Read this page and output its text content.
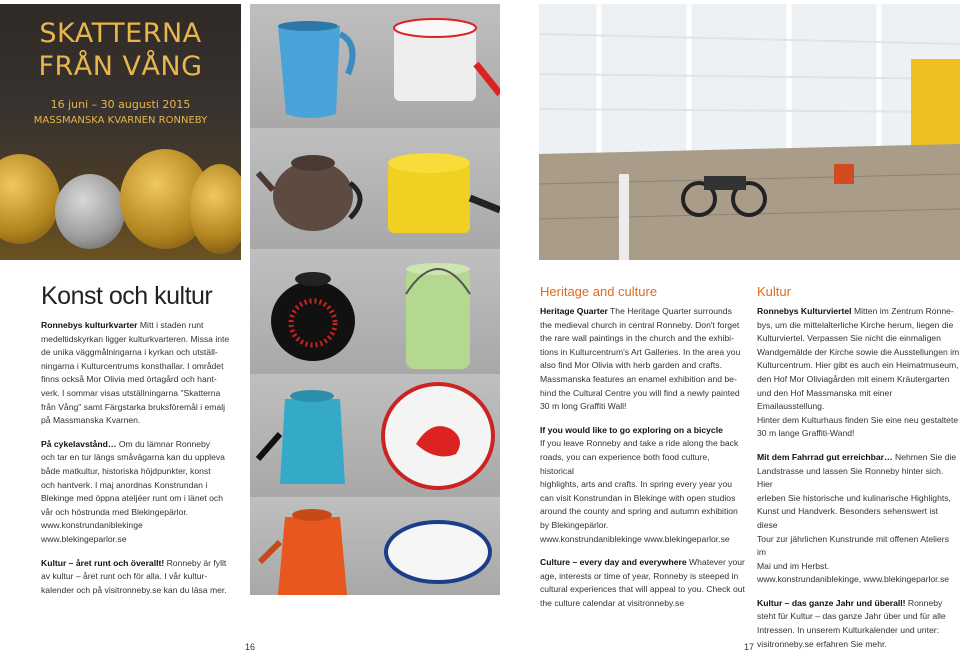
SKATTERNA
FRÅN VÅNG
16 juni – 30 augusti 2015
MASSMANSKA KVARNEN RONNEBY
Konst och kultur

Ronnebys kulturkvarter Mitt i staden runt
medeltidskyrkan ligger kulturkvarteren. Missa inte
de unika väggmålningarna i kyrkan och utställ-
ningarna i Kulturcentrums konsthallar. I området
finns också Mor Olivia med örtagård och hant-
verk. I sommar visas utställningarna "Skatterna
från Vång" samt Färgstarka bruksföremål i emalj
på Massmanska Kvarnen.

På cykelavstånd… Om du lämnar Ronneby
och tar en tur längs småvägarna kan du uppleva
både matkultur, historiska höjdpunkter, konst
och hantverk. I maj anordnas Konstrundan i
Blekinge med öppna ateljéer runt om i länet och
vår och höstrunda med Blekingepärlor.
www.konstrundaniblekinge
www.blekingeparlor.se

Kultur – året runt och överallt! Ronneby är fyllt
av kultur – året runt och för alla. I vår kultur-
kalender och på visitronneby.se kan du läsa mer.

16
Heritage and culture

Heritage Quarter The Heritage Quarter surrounds
the medieval church in central Ronneby. Don't forget
the rare wall paintings in the church and the exhibi-
tions in Kulturcentrum's Art Galleries. In the area you
also find Mor Olivia with herb garden and crafts.
Massmanska features an enamel exhibition and be-
hind the Cultural Centre you will find a newly painted
30 m long Graffiti Wall!

If you would like to go exploring on a bicycle
If you leave Ronneby and take a ride along the back
roads, you can experience both food culture, historical
highlights, arts and crafts. In spring every year you
can visit Konstrundan in Blekinge with open studios
around the county and spring and autumn exhibition
by Blekingepärlor.
www.konstrundaniblekinge www.blekingeparlor.se

Culture – every day and everywhere Whatever your
age, interests or time of year, Ronneby is steeped in
cultural experiences that will appeal to you. Check out
the culture calendar at visitronneby.se

17
Kultur

Ronnebys Kulturviertel Mitten im Zentrum Ronne-
bys, um die mittelalterliche Kirche herum, liegen die
Kulturviertel. Verpassen Sie nicht die einmaligen
Wandgemälde der Kirche sowie die Ausstellungen im
Kulturcentrum. Hier gibt es auch ein Heimatmuseum,
den Hof Mor Oliviagården mit einem Kräutergarten
und den Hof Massmanska mit einer Emailausstellung.
Hinter dem Kulturhaus finden Sie eine neu gestaltete
30 m lange Graffiti-Wand!

Mit dem Fahrrad gut erreichbar… Nehmen Sie die
Landstrasse und lassen Sie Ronneby hinter sich. Hier
erleben Sie historische und kulinarische Highlights,
Kunst und Handverk. Besonders sehenswert ist diese
Tour zur jährlichen Kunstrunde mit offenen Ateliers im
Mai und im Herbst.
www.konstrundaniblekinge, www.blekingeparlor.se

Kultur – das ganze Jahr und überall! Ronneby
steht für Kultur – das ganze Jahr über und für alle
Intressen. In unserem Kulturkalender und unter:
visitronneby.se erfahren Sie mehr.
